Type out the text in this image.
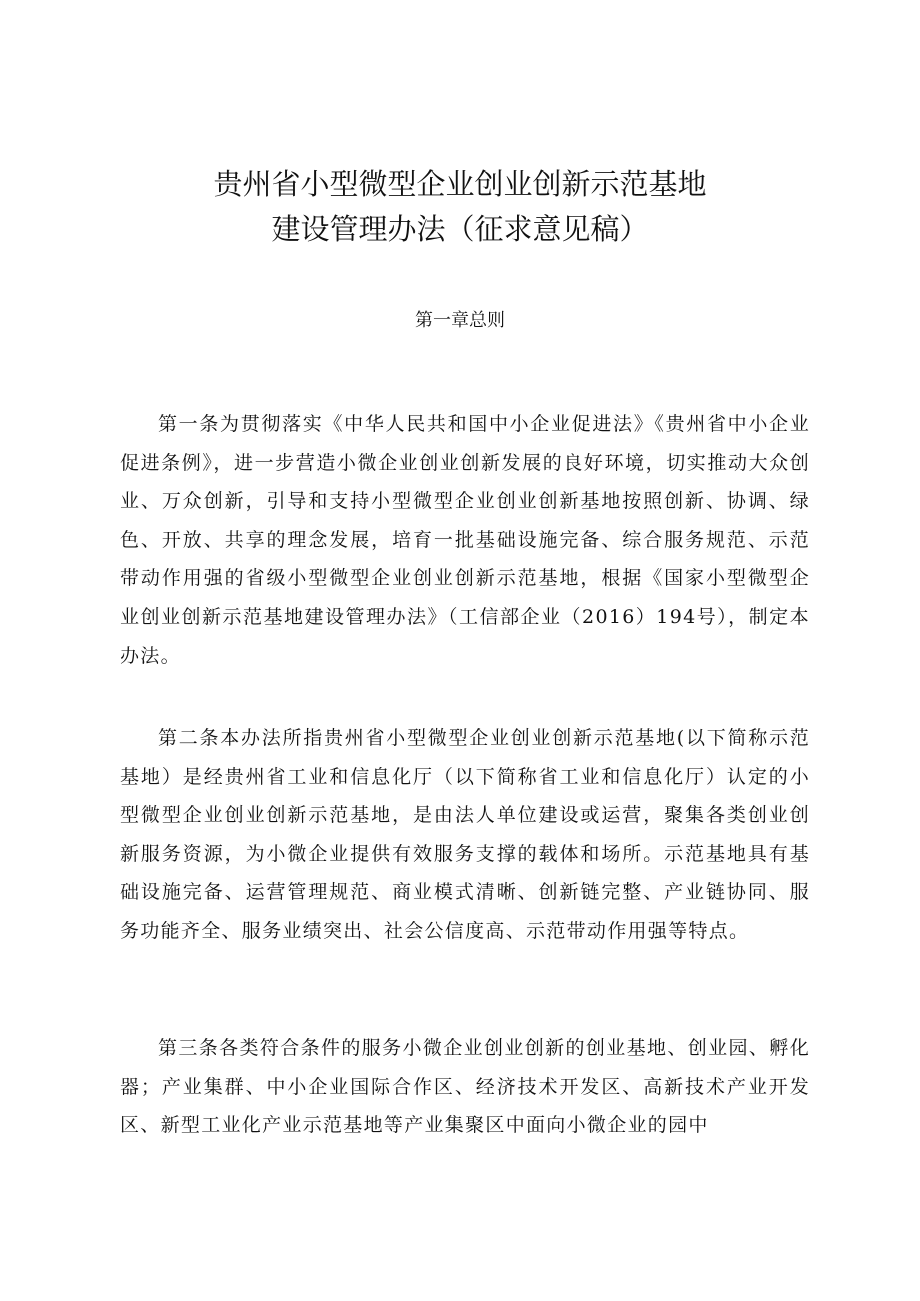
贵州省小型微型企业创业创新示范基地
建设管理办法（征求意见稿）
第一章总则

第一条为贯彻落实《中华人民共和国中小企业促进法》《贵州省中小企业促进条例》，进一步营造小微企业创业创新发展的良好环境，切实推动大众创业、万众创新，引导和支持小型微型企业创业创新基地按照创新、协调、绿色、开放、共享的理念发展，培育一批基础设施完备、综合服务规范、示范带动作用强的省级小型微型企业创业创新示范基地，根据《国家小型微型企业创业创新示范基地建设管理办法》（工信部企业（2016）194号），制定本办法。

第二条本办法所指贵州省小型微型企业创业创新示范基地(以下简称示范基地）是经贵州省工业和信息化厅（以下简称省工业和信息化厅）认定的小型微型企业创业创新示范基地，是由法人单位建设或运营，聚集各类创业创新服务资源，为小微企业提供有效服务支撑的载体和场所。示范基地具有基础设施完备、运营管理规范、商业模式清晰、创新链完整、产业链协同、服务功能齐全、服务业绩突出、社会公信度高、示范带动作用强等特点。

第三条各类符合条件的服务小微企业创业创新的创业基地、创业园、孵化器；产业集群、中小企业国际合作区、经济技术开发区、高新技术产业开发区、新型工业化产业示范基地等产业集聚区中面向小微企业的园中
